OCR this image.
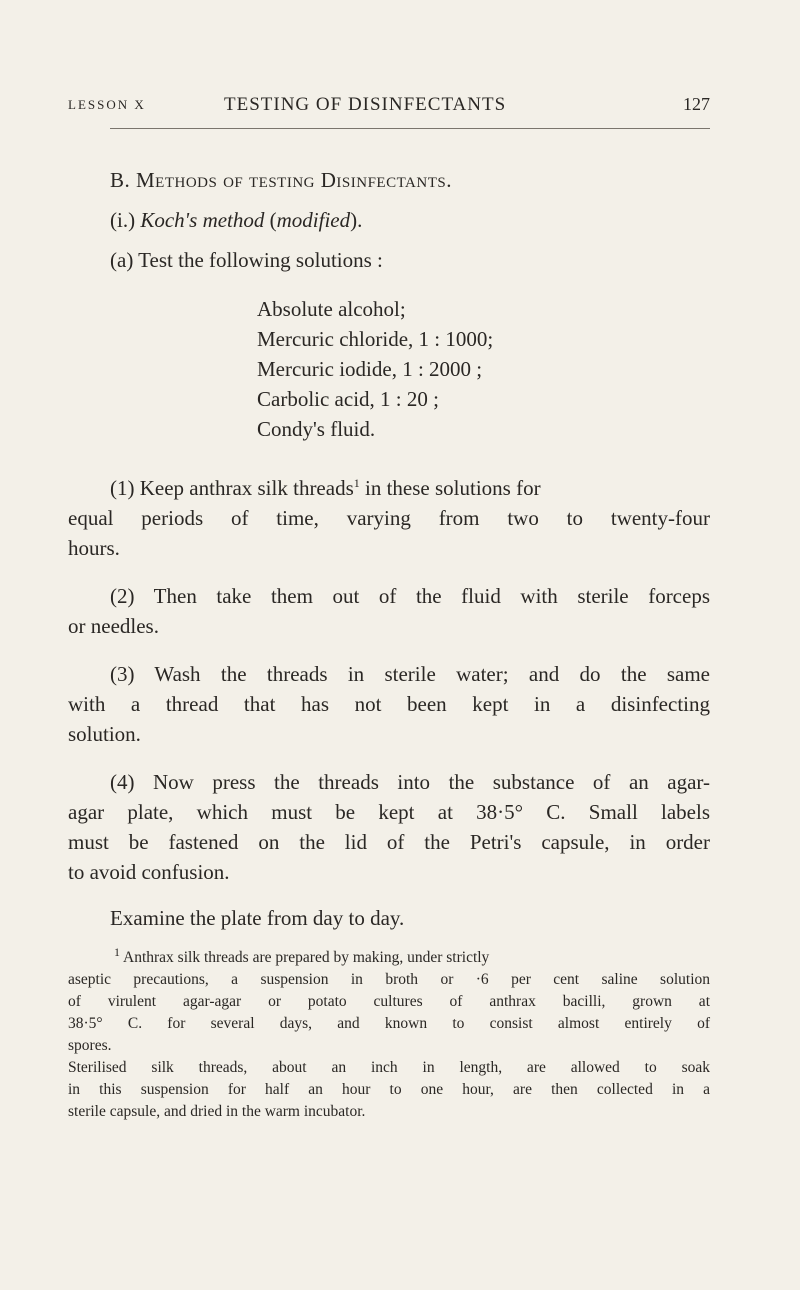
LESSON X	TESTING OF DISINFECTANTS	127
B. Methods of testing Disinfectants.
(i.) Koch's method (modified).
(a) Test the following solutions :
Absolute alcohol;
Mercuric chloride, 1 : 1000;
Mercuric iodide, 1 : 2000 ;
Carbolic acid, 1 : 20 ;
Condy's fluid.
(1) Keep anthrax silk threads$^1$ in these solutions for
equal periods of time, varying from two to twenty-four
hours.
(2) Then take them out of the fluid with sterile forceps
or needles.
(3) Wash the threads in sterile water; and do the same
with a thread that has not been kept in a disinfecting
solution.
(4) Now press the threads into the substance of an agar-
agar plate, which must be kept at 38·5° C. Small labels
must be fastened on the lid of the Petri's capsule, in order
to avoid confusion.
Examine the plate from day to day.
$^1$ Anthrax silk threads are prepared by making, under strictly
aseptic precautions, a suspension in broth or ·6 per cent saline solution
of virulent agar-agar or potato cultures of anthrax bacilli, grown at
38·5° C. for several days, and known to consist almost entirely of
spores.
Sterilised silk threads, about an inch in length, are allowed to soak
in this suspension for half an hour to one hour, are then collected in a
sterile capsule, and dried in the warm incubator.
